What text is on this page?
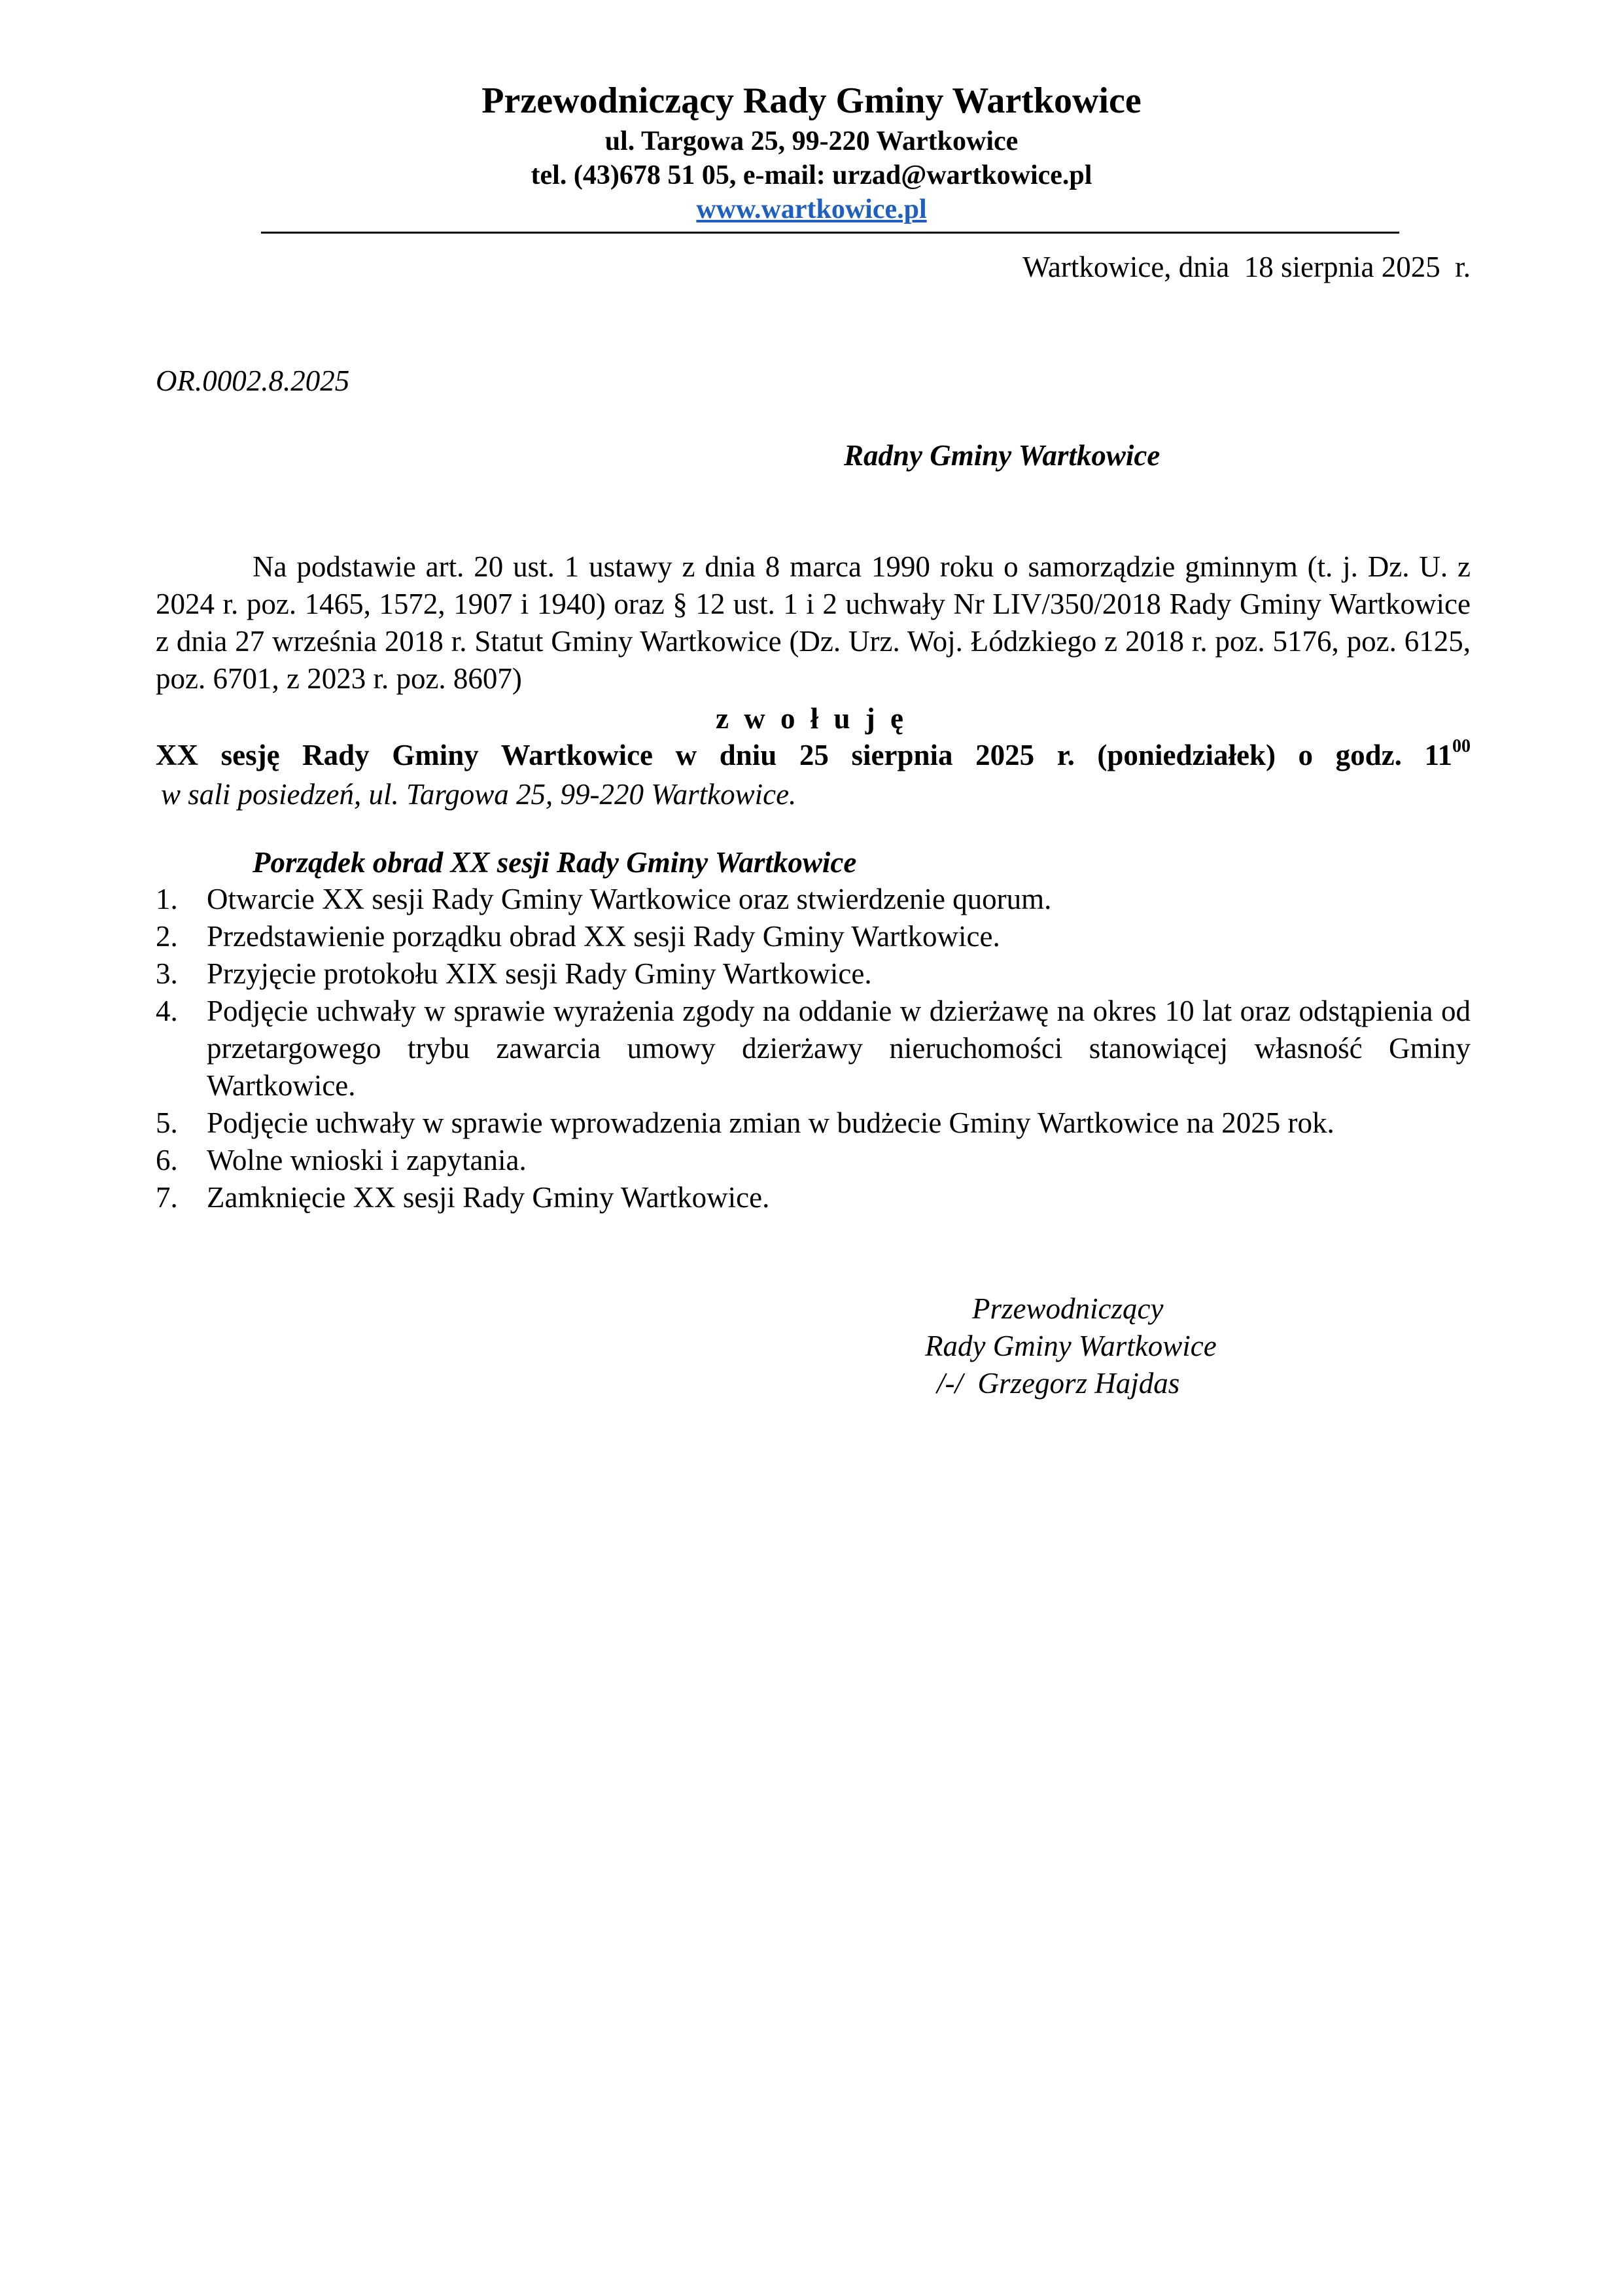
Przewodniczący Rady Gminy Wartkowice
ul. Targowa 25, 99-220 Wartkowice
tel. (43)678 51 05, e-mail: urzad@wartkowice.pl
www.wartkowice.pl
Wartkowice, dnia  18 sierpnia 2025  r.
OR.0002.8.2025
Radny Gminy Wartkowice
Na podstawie art. 20 ust. 1 ustawy z dnia 8 marca 1990 roku o samorządzie gminnym (t. j. Dz. U. z 2024 r. poz. 1465, 1572, 1907 i 1940) oraz § 12 ust. 1 i 2 uchwały Nr LIV/350/2018 Rady Gminy Wartkowice z dnia 27 września 2018 r. Statut Gminy Wartkowice (Dz. Urz. Woj. Łódzkiego z 2018 r. poz. 5176, poz. 6125, poz. 6701, z 2023 r. poz. 8607)
z w o ł u j ę
XX sesję Rady Gminy Wartkowice w dniu 25 sierpnia 2025 r. (poniedziałek) o godz. $11^{00}$
w sali posiedzeń, ul. Targowa 25, 99-220 Wartkowice.
Porządek obrad XX sesji Rady Gminy Wartkowice
1. Otwarcie XX sesji Rady Gminy Wartkowice oraz stwierdzenie quorum.
2. Przedstawienie porządku obrad XX sesji Rady Gminy Wartkowice.
3. Przyjęcie protokołu XIX sesji Rady Gminy Wartkowice.
4. Podjęcie uchwały w sprawie wyrażenia zgody na oddanie w dzierżawę na okres 10 lat oraz odstąpienia od przetargowego trybu zawarcia umowy dzierżawy nieruchomości stanowiącej własność Gminy Wartkowice.
5. Podjęcie uchwały w sprawie wprowadzenia zmian w budżecie Gminy Wartkowice na 2025 rok.
6. Wolne wnioski i zapytania.
7. Zamknięcie XX sesji Rady Gminy Wartkowice.
Przewodniczący
Rady Gminy Wartkowice
/-/  Grzegorz Hajdas
